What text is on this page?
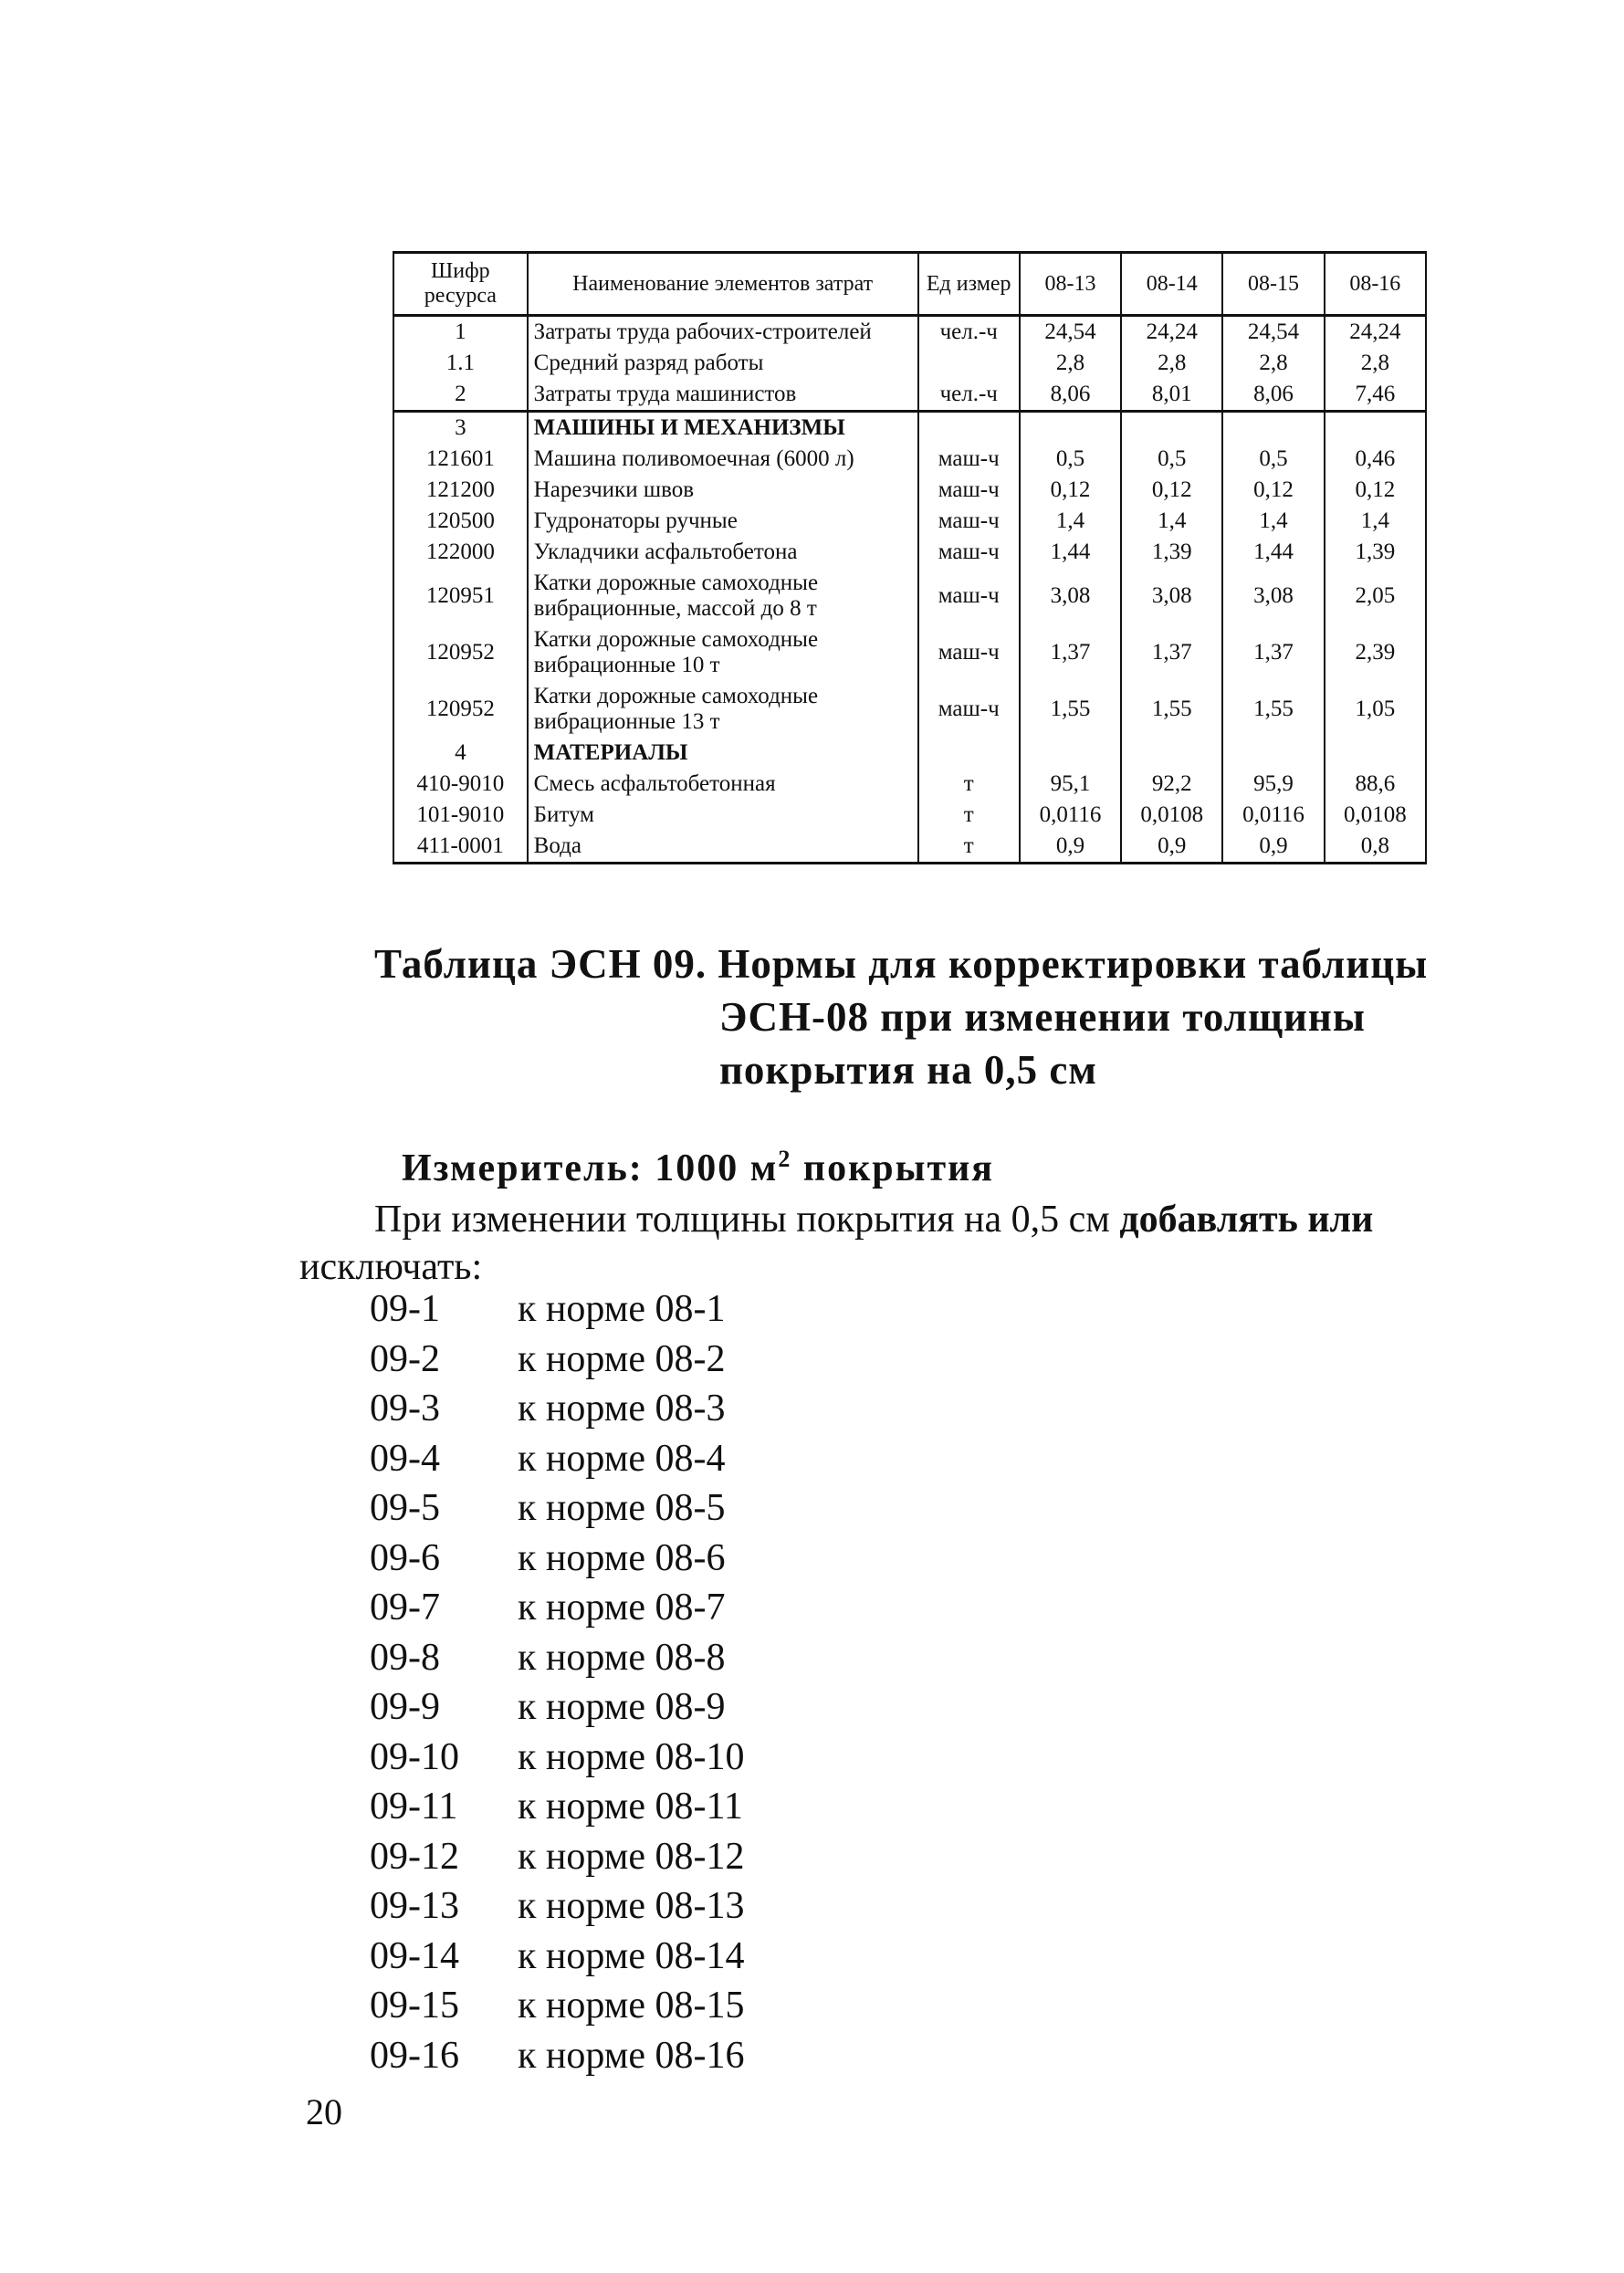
Шифр ресурса	Наименование элементов затрат	Ед измер	08-13	08-14	08-15	08-16
1	Затраты труда рабочих-строителей	чел.-ч	24,54	24,24	24,54	24,24
1.1	Средний разряд работы		2,8	2,8	2,8	2,8
2	Затраты труда машинистов	чел.-ч	8,06	8,01	8,06	7,46
3	МАШИНЫ И МЕХАНИЗМЫ					
121601	Машина поливомоечная (6000 л)	маш-ч	0,5	0,5	0,5	0,46
121200	Нарезчики швов	маш-ч	0,12	0,12	0,12	0,12
120500	Гудронаторы ручные	маш-ч	1,4	1,4	1,4	1,4
122000	Укладчики асфальтобетона	маш-ч	1,44	1,39	1,44	1,39
120951	Катки дорожные самоходные вибрационные, массой до 8 т	маш-ч	3,08	3,08	3,08	2,05
120952	Катки дорожные самоходные вибрационные 10 т	маш-ч	1,37	1,37	1,37	2,39
120952	Катки дорожные самоходные вибрационные 13 т	маш-ч	1,55	1,55	1,55	1,05
4	МАТЕРИАЛЫ					
410-9010	Смесь асфальтобетонная	т	95,1	92,2	95,9	88,6
101-9010	Битум	т	0,0116	0,0108	0,0116	0,0108
411-0001	Вода	т	0,9	0,9	0,9	0,8
Таблица ЭСН 09. Нормы для корректировки таблицы
ЭСН-08 при изменении толщины
покрытия на 0,5 см
Измеритель: 1000 $м^2$ покрытия
При изменении толщины покрытия на 0,5 см добавлять или
исключать:
09-1 к норме 08-1
09-2 к норме 08-2
09-3 к норме 08-3
09-4 к норме 08-4
09-5 к норме 08-5
09-6 к норме 08-6
09-7 к норме 08-7
09-8 к норме 08-8
09-9 к норме 08-9
09-10 к норме 08-10
09-11 к норме 08-11
09-12 к норме 08-12
09-13 к норме 08-13
09-14 к норме 08-14
09-15 к норме 08-15
09-16 к норме 08-16
20
